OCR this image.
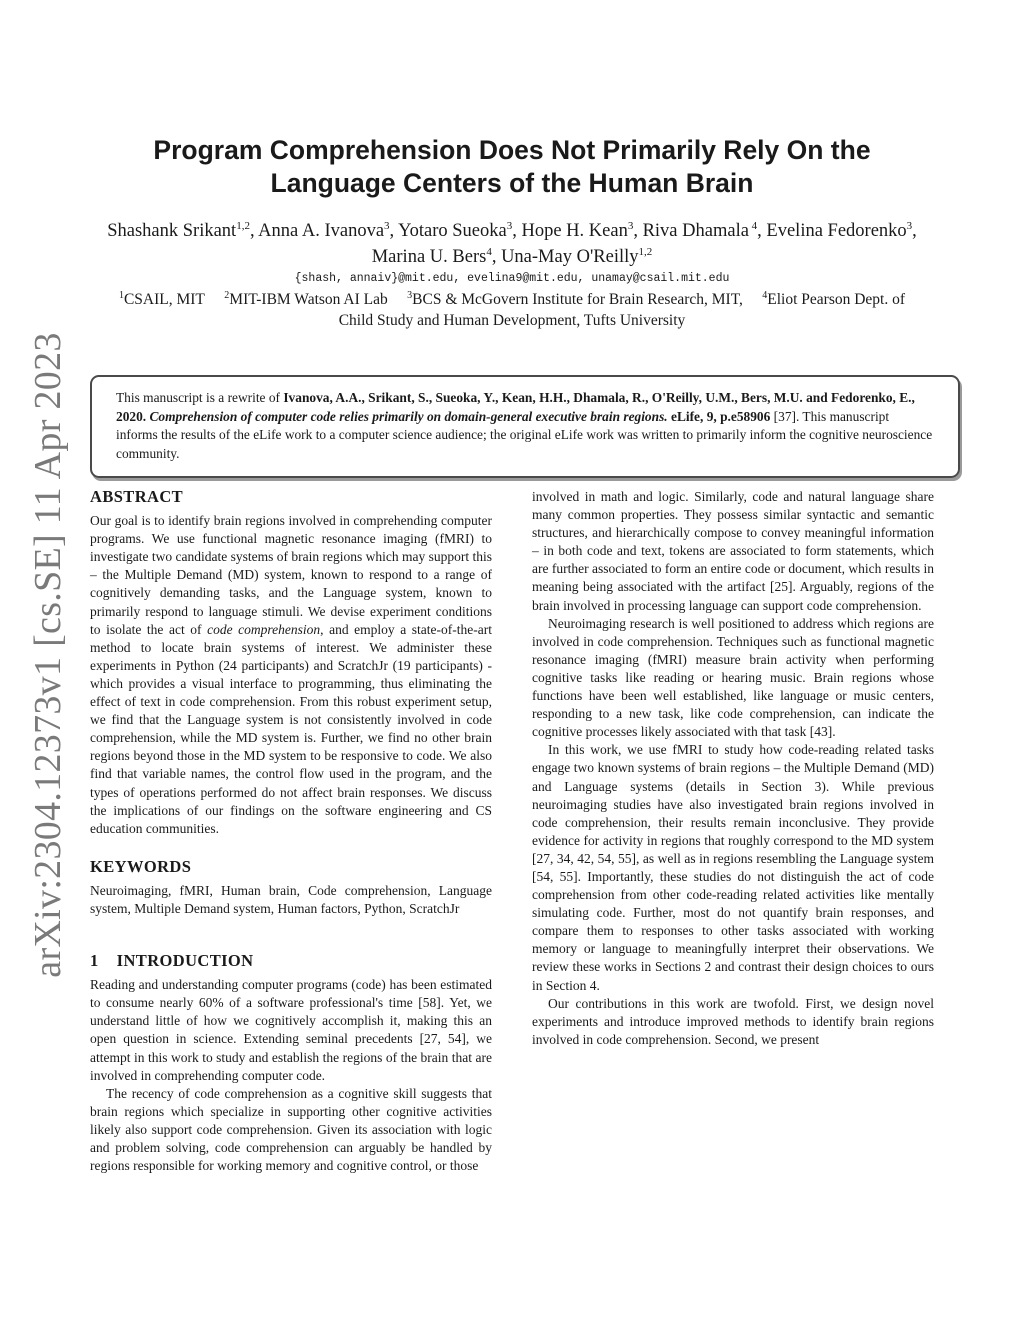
arXiv:2304.12373v1 [cs.SE] 11 Apr 2023
Program Comprehension Does Not Primarily Rely On the
Language Centers of the Human Brain
Shashank Srikant$^{1,2}$, Anna A. Ivanova$^3$, Yotaro Sueoka$^3$, Hope H. Kean$^3$, Riva Dhamala $^4$, Evelina Fedorenko$^3$, Marina U. Bers$^4$, Una-May O'Reilly$^{1,2}$
{shash, annaiv}@mit.edu, evelina9@mit.edu, unamay@csail.mit.edu
$^1$CSAIL, MIT $^2$MIT-IBM Watson AI Lab $^3$BCS & McGovern Institute for Brain Research, MIT, $^4$Eliot Pearson Dept. of Child Study and Human Development, Tufts University
This manuscript is a rewrite of Ivanova, A.A., Srikant, S., Sueoka, Y., Kean, H.H., Dhamala, R., O'Reilly, U.M., Bers, M.U. and Fedorenko, E., 2020. Comprehension of computer code relies primarily on domain-general executive brain regions. eLife, 9, p.e58906 [37]. This manuscript informs the results of the eLife work to a computer science audience; the original eLife work was written to primarily inform the cognitive neuroscience community.
ABSTRACT

Our goal is to identify brain regions involved in comprehending computer programs. We use functional magnetic resonance imaging (fMRI) to investigate two candidate systems of brain regions which may support this – the Multiple Demand (MD) system, known to respond to a range of cognitively demanding tasks, and the Language system, known to primarily respond to language stimuli. We devise experiment conditions to isolate the act of code comprehension, and employ a state-of-the-art method to locate brain systems of interest. We administer these experiments in Python (24 participants) and ScratchJr (19 participants) - which provides a visual interface to programming, thus eliminating the effect of text in code comprehension. From this robust experiment setup, we find that the Language system is not consistently involved in code comprehension, while the MD system is. Further, we find no other brain regions beyond those in the MD system to be responsive to code. We also find that variable names, the control flow used in the program, and the types of operations performed do not affect brain responses. We discuss the implications of our findings on the software engineering and CS education communities.

KEYWORDS

Neuroimaging, fMRI, Human brain, Code comprehension, Language system, Multiple Demand system, Human factors, Python, ScratchJr

1 INTRODUCTION

Reading and understanding computer programs (code) has been estimated to consume nearly 60% of a software professional's time [58]. Yet, we understand little of how we cognitively accomplish it, making this an open question in science. Extending seminal precedents [27, 54], we attempt in this work to study and establish the regions of the brain that are involved in comprehending computer code.

The recency of code comprehension as a cognitive skill suggests that brain regions which specialize in supporting other cognitive activities likely also support code comprehension. Given its association with logic and problem solving, code comprehension can arguably be handled by regions responsible for working memory and cognitive control, or those

involved in math and logic. Similarly, code and natural language share many common properties. They possess similar syntactic and semantic structures, and hierarchically compose to convey meaningful information – in both code and text, tokens are associated to form statements, which are further associated to form an entire code or document, which results in meaning being associated with the artifact [25]. Arguably, regions of the brain involved in processing language can support code comprehension.

Neuroimaging research is well positioned to address which regions are involved in code comprehension. Techniques such as functional magnetic resonance imaging (fMRI) measure brain activity when performing cognitive tasks like reading or hearing music. Brain regions whose functions have been well established, like language or music centers, responding to a new task, like code comprehension, can indicate the cognitive processes likely associated with that task [43].

In this work, we use fMRI to study how code-reading related tasks engage two known systems of brain regions – the Multiple Demand (MD) and Language systems (details in Section 3). While previous neuroimaging studies have also investigated brain regions involved in code comprehension, their results remain inconclusive. They provide evidence for activity in regions that roughly correspond to the MD system [27, 34, 42, 54, 55], as well as in regions resembling the Language system [54, 55]. Importantly, these studies do not distinguish the act of code comprehension from other code-reading related activities like mentally simulating code. Further, most do not quantify brain responses, and compare them to responses to other tasks associated with working memory or language to meaningfully interpret their observations. We review these works in Sections 2 and contrast their design choices to ours in Section 4.

Our contributions in this work are twofold. First, we design novel experiments and introduce improved methods to identify brain regions involved in code comprehension. Second, we present
